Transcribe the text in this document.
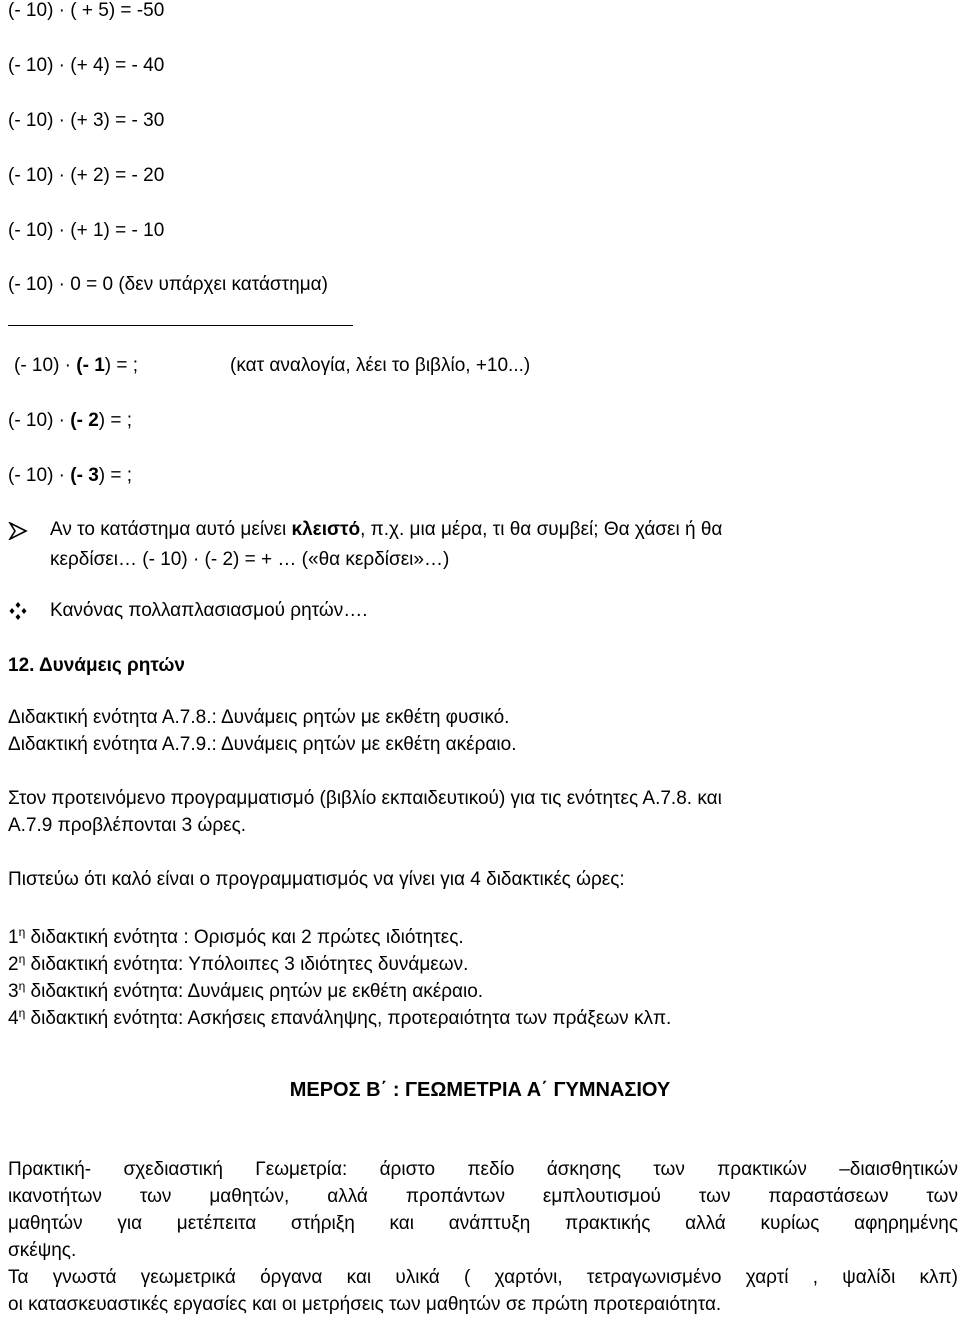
(- 10) · ( + 5) = -50
(- 10) · (+ 4) = - 40
(- 10) · (+ 3) = - 30
(- 10) · (+ 2) = - 20
(- 10) · (+ 1) = - 10
(- 10) · 0 = 0 (δεν υπάρχει κατάστημα)
(- 10) · (- 1) = ;	(κατ αναλογία, λέει το βιβλίο, +10...)
(- 10) · (- 2) = ;
(- 10) · (- 3) = ;
Αν το κατάστημα αυτό μείνει κλειστό, π.χ. μια μέρα, τι θα συμβεί; Θα χάσει ή θα
κερδίσει… (- 10) · (- 2) = + … («θα κερδίσει»…)
Κανόνας πολλαπλασιασμού ρητών….
12. Δυνάμεις ρητών
Διδακτική ενότητα Α.7.8.: Δυνάμεις ρητών με εκθέτη φυσικό.
Διδακτική ενότητα Α.7.9.: Δυνάμεις ρητών με εκθέτη ακέραιο.
Στον προτεινόμενο προγραμματισμό (βιβλίο εκπαιδευτικού) για τις ενότητες Α.7.8. και
Α.7.9 προβλέπονται 3 ώρες.
Πιστεύω ότι καλό είναι ο προγραμματισμός να γίνει για 4 διδακτικές ώρες:
$1^\eta$ διδακτική ενότητα : Ορισμός και 2 πρώτες ιδιότητες.
$2^\eta$ διδακτική ενότητα: Υπόλοιπες 3 ιδιότητες δυνάμεων.
$3^\eta$ διδακτική ενότητα: Δυνάμεις ρητών με εκθέτη ακέραιο.
$4^\eta$ διδακτική ενότητα: Ασκήσεις επανάληψης, προτεραιότητα των πράξεων κλπ.
ΜΕΡΟΣ Β΄ : ΓΕΩΜΕΤΡΙΑ Α΄ ΓΥΜΝΑΣΙΟΥ
Πρακτική- σχεδιαστική Γεωμετρία: άριστο πεδίο άσκησης των πρακτικών –διαισθητικών
ικανοτήτων των μαθητών, αλλά προπάντων εμπλουτισμού των παραστάσεων των
μαθητών για μετέπειτα στήριξη και ανάπτυξη πρακτικής αλλά κυρίως αφηρημένης
σκέψης.
Τα γνωστά γεωμετρικά όργανα και υλικά ( χαρτόνι, τετραγωνισμένο χαρτί , ψαλίδι κλπ)
οι κατασκευαστικές εργασίες και οι μετρήσεις των μαθητών σε πρώτη προτεραιότητα.
